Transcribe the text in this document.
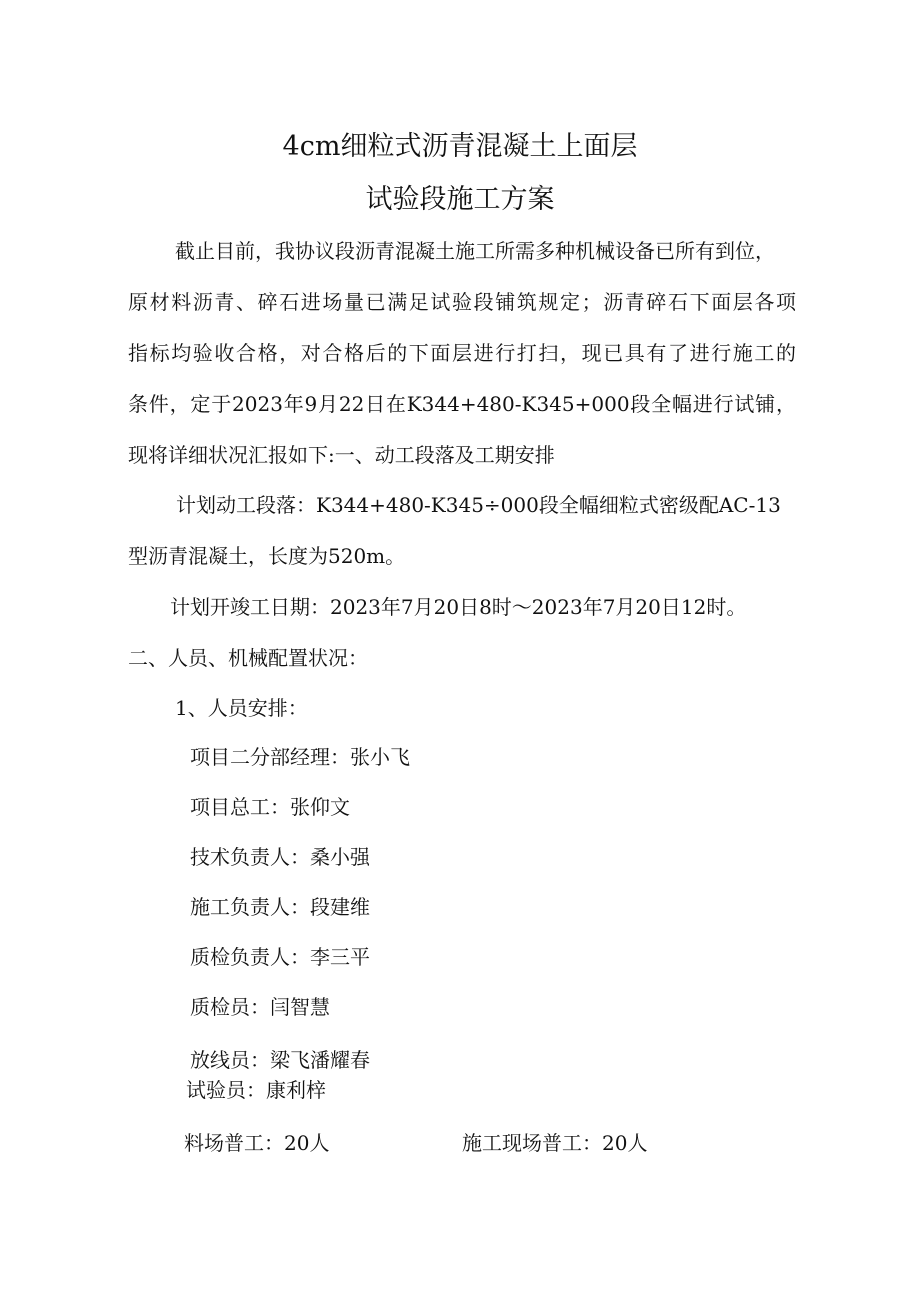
4cm细粒式沥青混凝土上面层
试验段施工方案
截止目前，我协议段沥青混凝土施工所需多种机械设备已所有到位，
原材料沥青、碎石进场量已满足试验段铺筑规定；沥青碎石下面层各项
指标均验收合格，对合格后的下面层进行打扫，现已具有了进行施工的
条件，定于2023年9月22日在K344+480-K345+000段全幅进行试铺，
现将详细状况汇报如下:一、动工段落及工期安排
计划动工段落：K344+480-K345÷000段全幅细粒式密级配AC-13
型沥青混凝土，长度为520m。
计划开竣工日期：2023年7月20日8时～2023年7月20日12时。
二、人员、机械配置状况：
1、人员安排：
项目二分部经理：张小飞
项目总工：张仰文
技术负责人：桑小强
施工负责人：段建维
质检负责人：李三平
质检员：闫智慧
放线员：梁飞潘耀春
试验员：康利梓
料场普工：20人	施工现场普工：20人
